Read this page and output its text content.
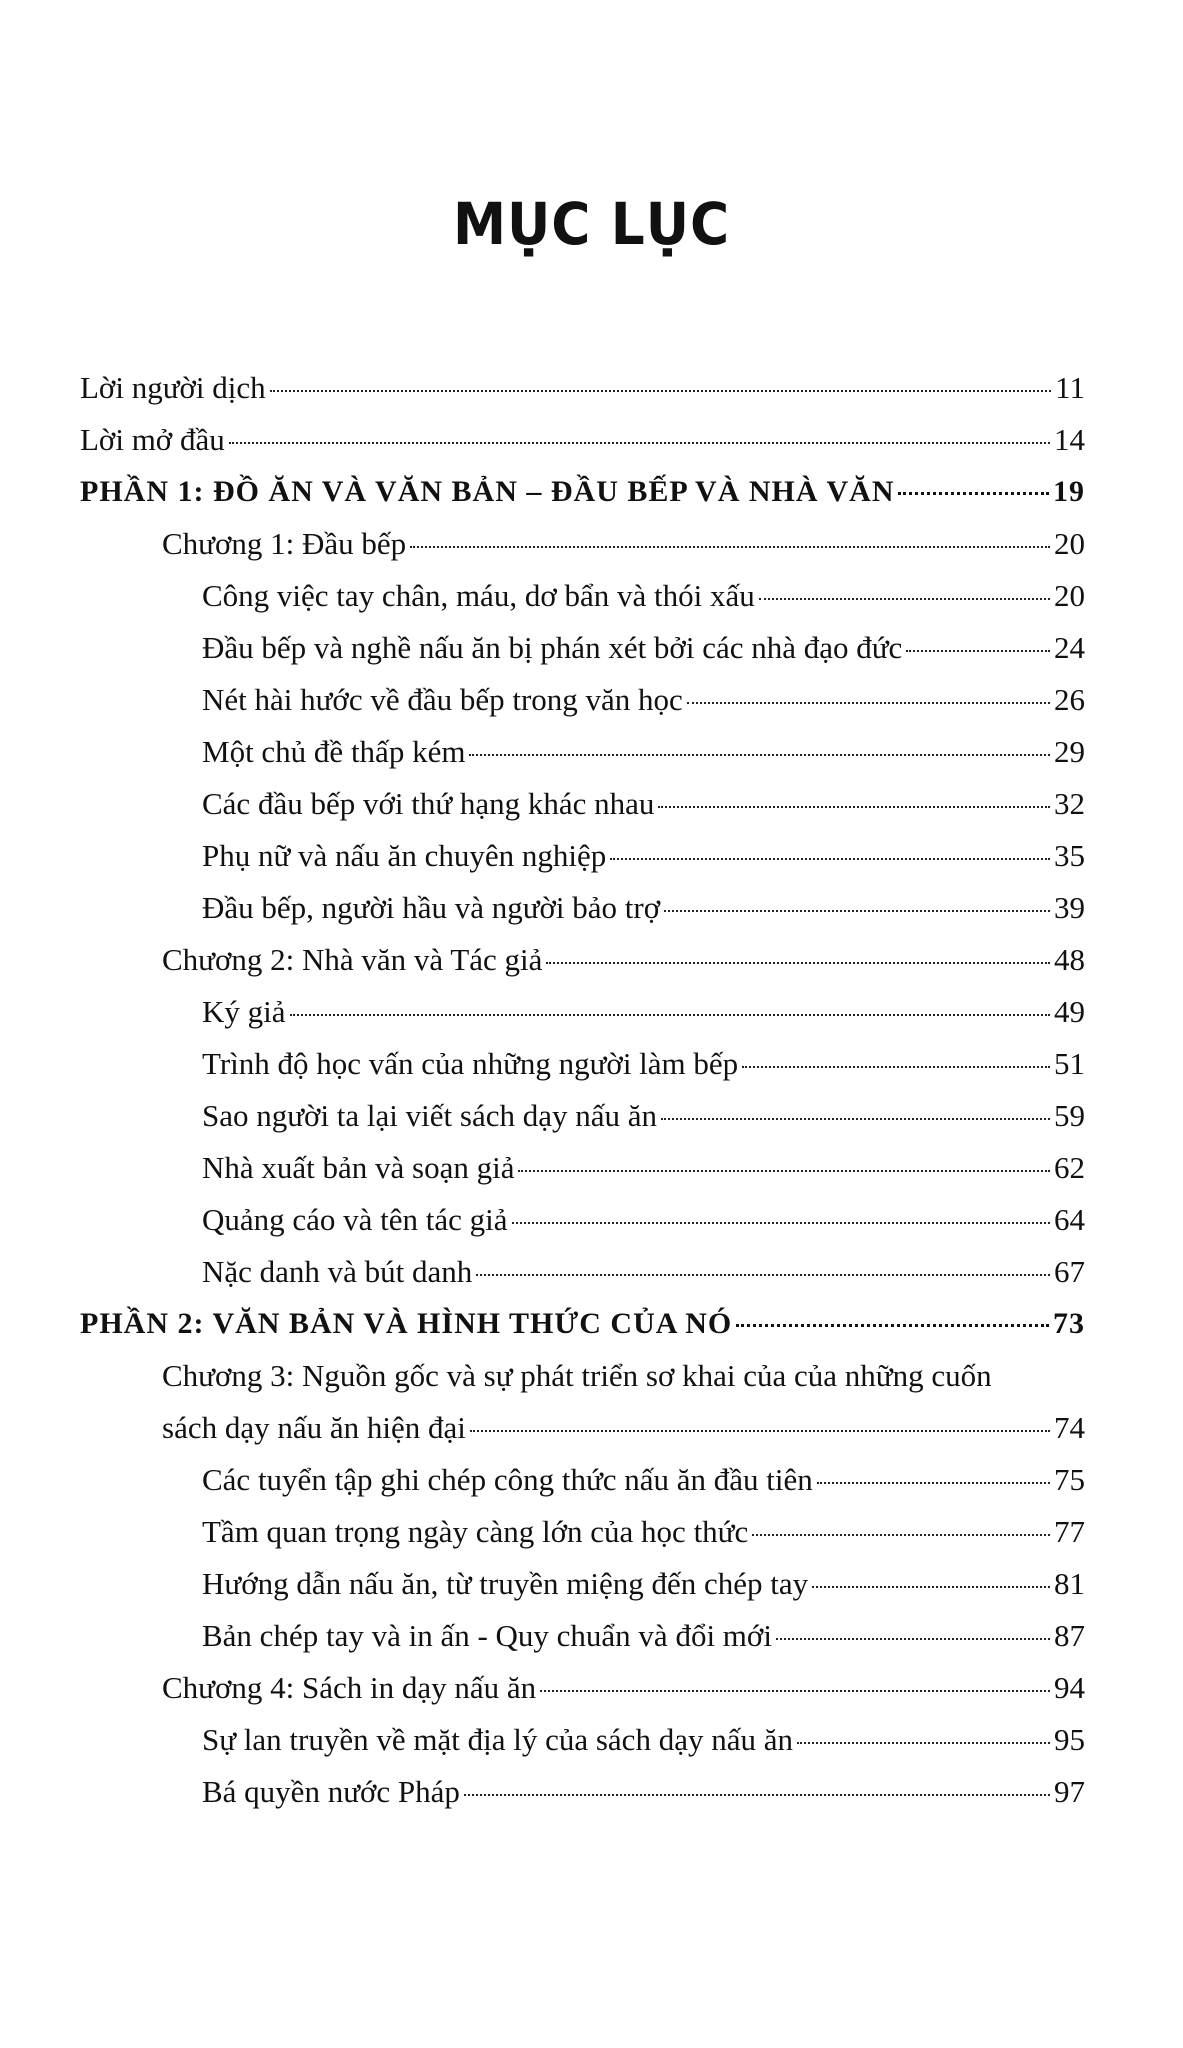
MỤC LỤC
Lời người dịch	11
Lời mở đầu	14
PHẦN 1: ĐỒ ĂN VÀ VĂN BẢN – ĐẦU BẾP VÀ NHÀ VĂN	19
Chương 1: Đầu bếp	20
Công việc tay chân, máu, dơ bẩn và thói xấu	20
Đầu bếp và nghề nấu ăn bị phán xét bởi các nhà đạo đức	24
Nét hài hước về đầu bếp trong văn học	26
Một chủ đề thấp kém	29
Các đầu bếp với thứ hạng khác nhau	32
Phụ nữ và nấu ăn chuyên nghiệp	35
Đầu bếp, người hầu và người bảo trợ	39
Chương 2: Nhà văn và Tác giả	48
Ký giả	49
Trình độ học vấn của những người làm bếp	51
Sao người ta lại viết sách dạy nấu ăn	59
Nhà xuất bản và soạn giả	62
Quảng cáo và tên tác giả	64
Nặc danh và bút danh	67
PHẦN 2: VĂN BẢN VÀ HÌNH THỨC CỦA NÓ	73
Chương 3: Nguồn gốc và sự phát triển sơ khai của của những cuốn
sách dạy nấu ăn hiện đại	74
Các tuyển tập ghi chép công thức nấu ăn đầu tiên	75
Tầm quan trọng ngày càng lớn của học thức	77
Hướng dẫn nấu ăn, từ truyền miệng đến chép tay	81
Bản chép tay và in ấn - Quy chuẩn và đổi mới	87
Chương 4: Sách in dạy nấu ăn	94
Sự lan truyền về mặt địa lý của sách dạy nấu ăn	95
Bá quyền nước Pháp	97
